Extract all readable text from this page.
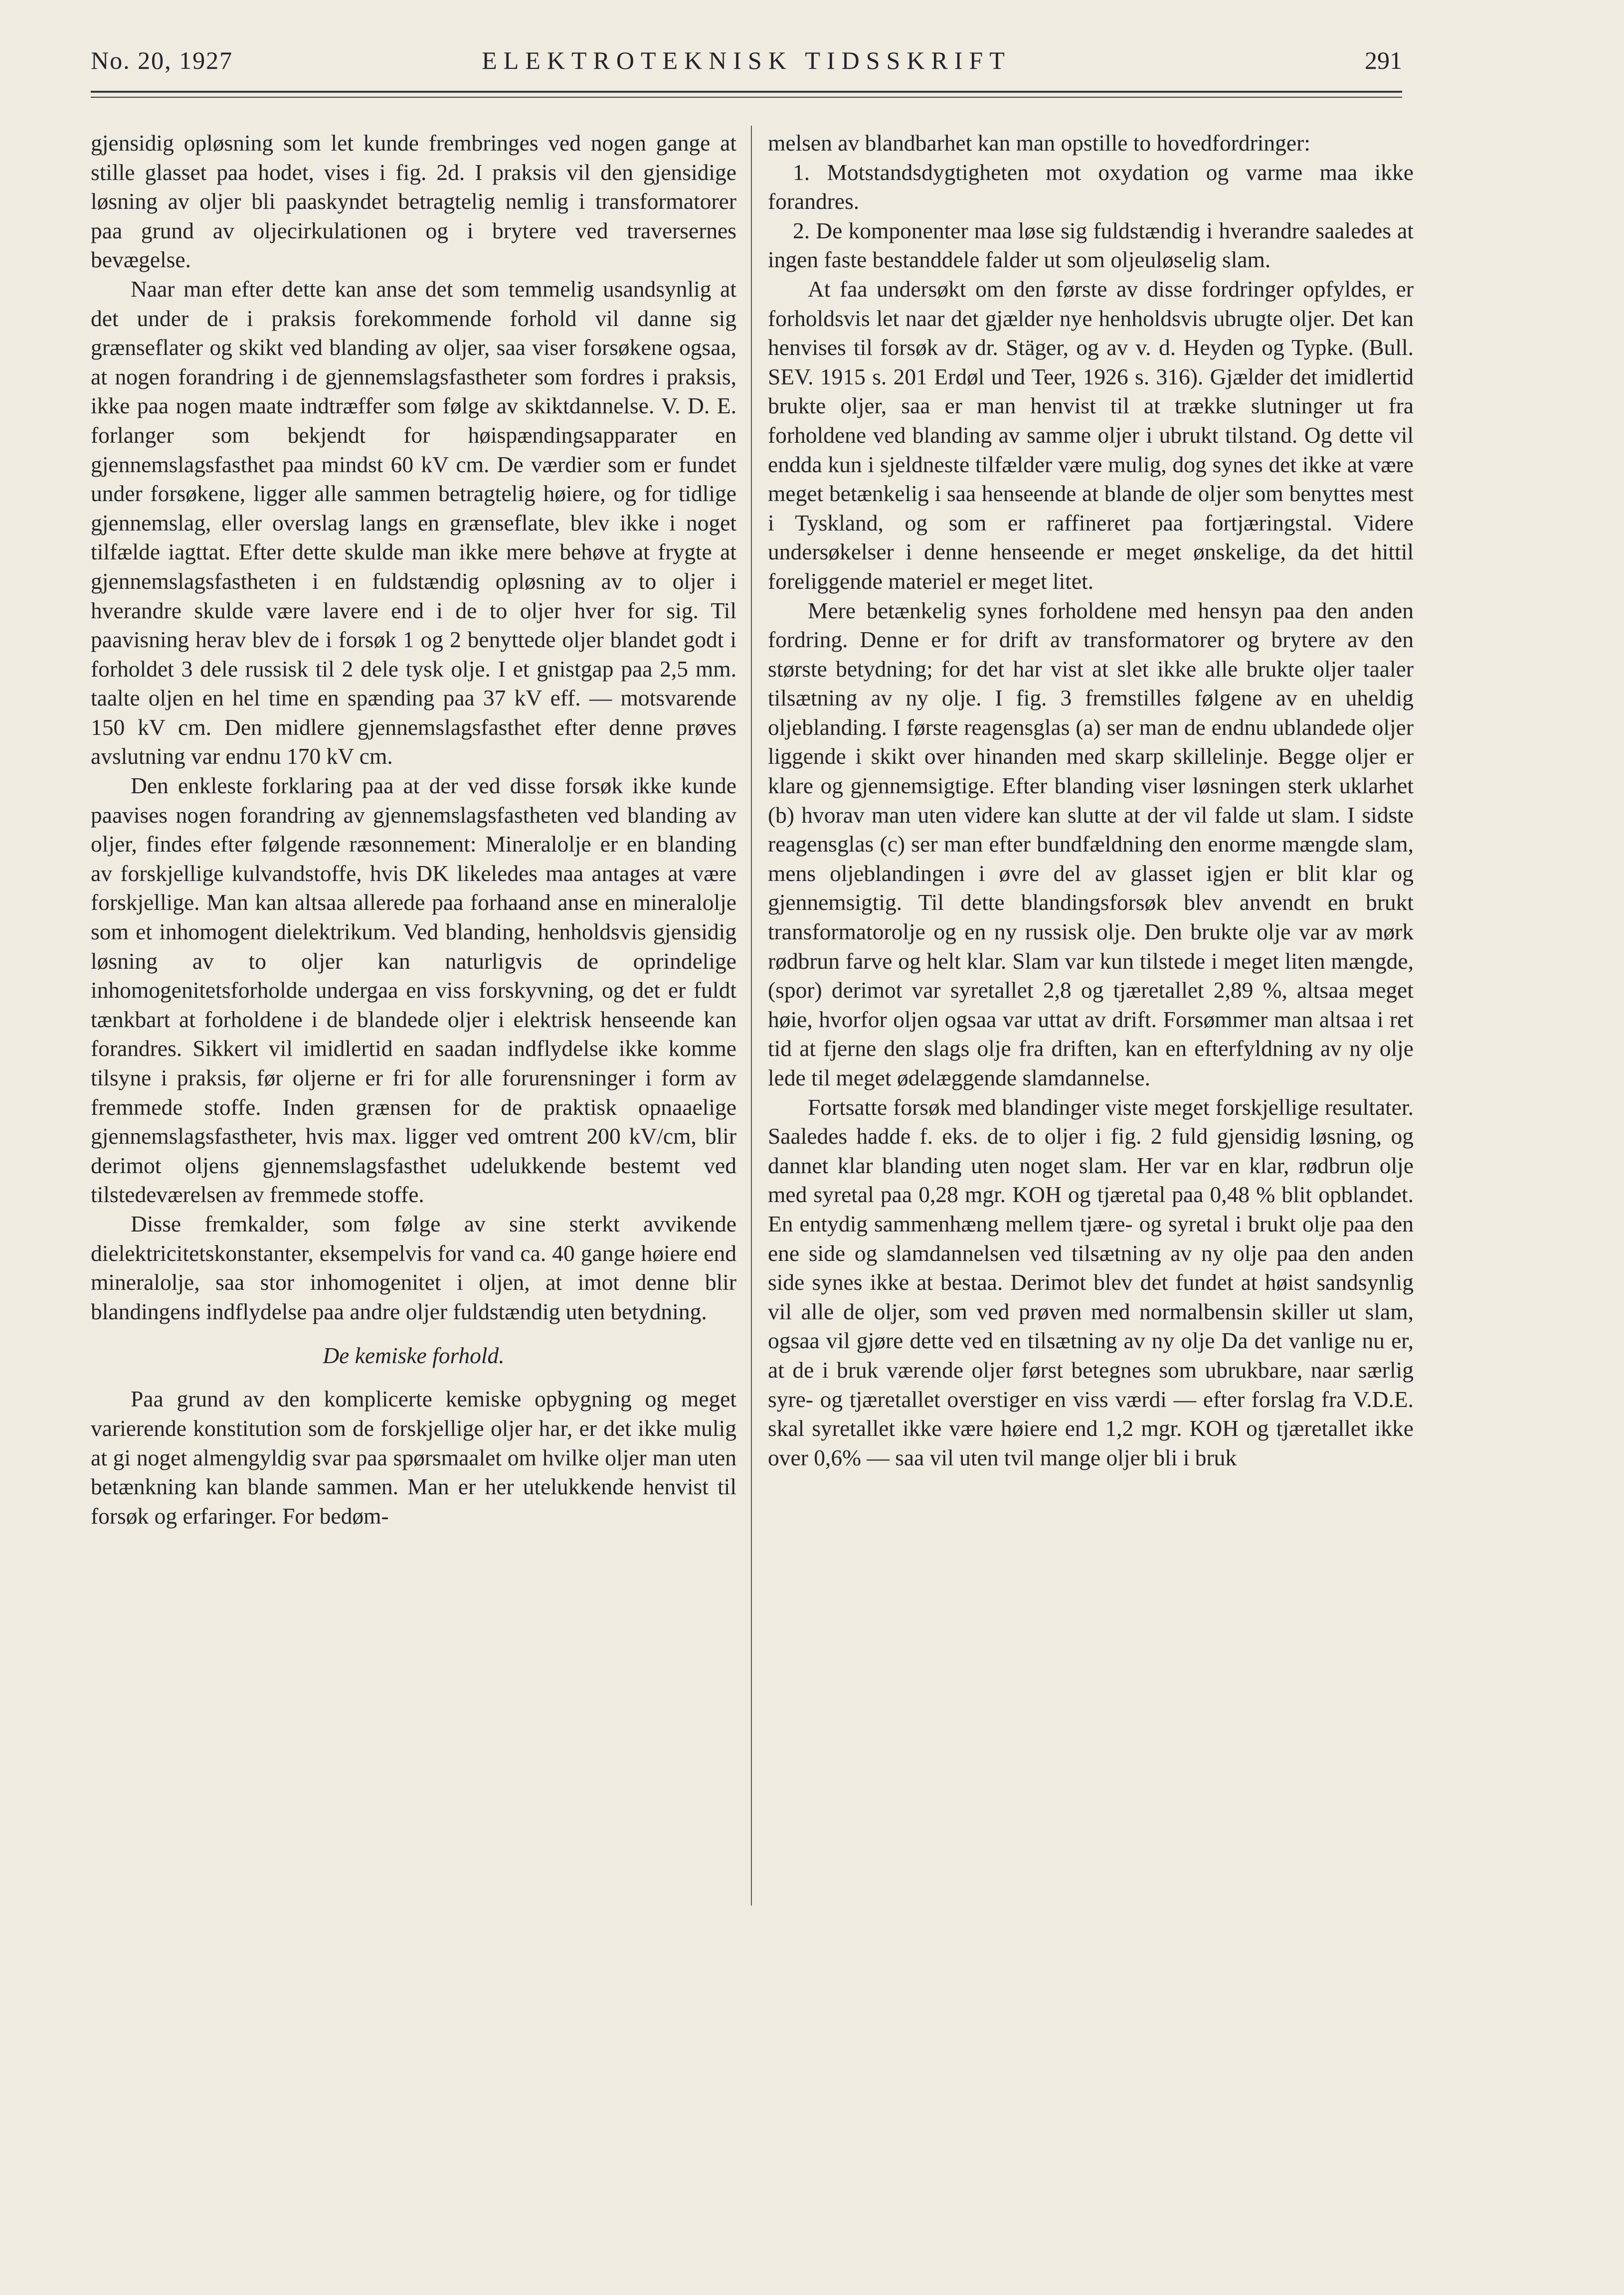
No. 20, 1927	ELEKTROTEKNISK TIDSSKRIFT	291

gjensidig opløsning som let kunde frembringes ved nogen gange at stille glasset paa hodet, vises i fig. 2d. I praksis vil den gjensidige løsning av oljer bli paaskyndet betragtelig nemlig i transformatorer paa grund av oljecirkulationen og i brytere ved traversernes bevægelse.

Naar man efter dette kan anse det som temmelig usandsynlig at det under de i praksis forekommende forhold vil danne sig grænseflater og skikt ved blanding av oljer, saa viser forsøkene ogsaa, at nogen forandring i de gjennemslagsfastheter som fordres i praksis, ikke paa nogen maate indtræffer som følge av skiktdannelse. V. D. E. forlanger som bekjendt for høispændingsapparater en gjennemslagsfasthet paa mindst 60 kV cm. De værdier som er fundet under forsøkene, ligger alle sammen betragtelig høiere, og for tidlige gjennemslag, eller overslag langs en grænseflate, blev ikke i noget tilfælde iagttat. Efter dette skulde man ikke mere behøve at frygte at gjennemslagsfastheten i en fuldstændig opløsning av to oljer i hverandre skulde være lavere end i de to oljer hver for sig. Til paavisning herav blev de i forsøk 1 og 2 benyttede oljer blandet godt i forholdet 3 dele russisk til 2 dele tysk olje. I et gnistgap paa 2,5 mm. taalte oljen en hel time en spænding paa 37 kV eff. — motsvarende 150 kV cm. Den midlere gjennemslagsfasthet efter denne prøves avslutning var endnu 170 kV cm.

Den enkleste forklaring paa at der ved disse forsøk ikke kunde paavises nogen forandring av gjennemslagsfastheten ved blanding av oljer, findes efter følgende ræsonnement: Mineralolje er en blanding av forskjellige kulvandstoffe, hvis DK likeledes maa antages at være forskjellige. Man kan altsaa allerede paa forhaand anse en mineralolje som et inhomogent dielektrikum. Ved blanding, henholdsvis gjensidig løsning av to oljer kan naturligvis de oprindelige inhomogenitetsforholde undergaa en viss forskyvning, og det er fuldt tænkbart at forholdene i de blandede oljer i elektrisk henseende kan forandres. Sikkert vil imidlertid en saadan indflydelse ikke komme tilsyne i praksis, før oljerne er fri for alle forurensninger i form av fremmede stoffe. Inden grænsen for de praktisk opnaaelige gjennemslagsfastheter, hvis max. ligger ved omtrent 200 kV/cm, blir derimot oljens gjennemslagsfasthet udelukkende bestemt ved tilstedeværelsen av fremmede stoffe.

Disse fremkalder, som følge av sine sterkt avvikende dielektricitetskonstanter, eksempelvis for vand ca. 40 gange høiere end mineralolje, saa stor inhomogenitet i oljen, at imot denne blir blandingens indflydelse paa andre oljer fuldstændig uten betydning.

De kemiske forhold.

Paa grund av den komplicerte kemiske opbygning og meget varierende konstitution som de forskjellige oljer har, er det ikke mulig at gi noget almengyldig svar paa spørsmaalet om hvilke oljer man uten betænkning kan blande sammen. Man er her utelukkende henvist til forsøk og erfaringer. For bedøm-

melsen av blandbarhet kan man opstille to hovedfordringer:

1. Motstandsdygtigheten mot oxydation og varme maa ikke forandres.

2. De komponenter maa løse sig fuldstændig i hverandre saaledes at ingen faste bestanddele falder ut som oljeuløselig slam.

At faa undersøkt om den første av disse fordringer opfyldes, er forholdsvis let naar det gjælder nye henholdsvis ubrugte oljer. Det kan henvises til forsøk av dr. Stäger, og av v. d. Heyden og Typke. (Bull. SEV. 1915 s. 201 Erdøl und Teer, 1926 s. 316). Gjælder det imidlertid brukte oljer, saa er man henvist til at trække slutninger ut fra forholdene ved blanding av samme oljer i ubrukt tilstand. Og dette vil endda kun i sjeldneste tilfælder være mulig, dog synes det ikke at være meget betænkelig i saa henseende at blande de oljer som benyttes mest i Tyskland, og som er raffineret paa fortjæringstal. Videre undersøkelser i denne henseende er meget ønskelige, da det hittil foreliggende materiel er meget litet.

Mere betænkelig synes forholdene med hensyn paa den anden fordring. Denne er for drift av transformatorer og brytere av den største betydning; for det har vist at slet ikke alle brukte oljer taaler tilsætning av ny olje. I fig. 3 fremstilles følgene av en uheldig oljeblanding. I første reagensglas (a) ser man de endnu ublandede oljer liggende i skikt over hinanden med skarp skillelinje. Begge oljer er klare og gjennemsigtige. Efter blanding viser løsningen sterk uklarhet (b) hvorav man uten videre kan slutte at der vil falde ut slam. I sidste reagensglas (c) ser man efter bundfældning den enorme mængde slam, mens oljeblandingen i øvre del av glasset igjen er blit klar og gjennemsigtig. Til dette blandingsforsøk blev anvendt en brukt transformatorolje og en ny russisk olje. Den brukte olje var av mørk rødbrun farve og helt klar. Slam var kun tilstede i meget liten mængde, (spor) derimot var syretallet 2,8 og tjæretallet 2,89 %, altsaa meget høie, hvorfor oljen ogsaa var uttat av drift. Forsømmer man altsaa i ret tid at fjerne den slags olje fra driften, kan en efterfyldning av ny olje lede til meget ødelæggende slamdannelse.

Fortsatte forsøk med blandinger viste meget forskjellige resultater. Saaledes hadde f. eks. de to oljer i fig. 2 fuld gjensidig løsning, og dannet klar blanding uten noget slam. Her var en klar, rødbrun olje med syretal paa 0,28 mgr. KOH og tjæretal paa 0,48 % blit opblandet. En entydig sammenhæng mellem tjære- og syretal i brukt olje paa den ene side og slamdannelsen ved tilsætning av ny olje paa den anden side synes ikke at bestaa. Derimot blev det fundet at høist sandsynlig vil alle de oljer, som ved prøven med normalbensin skiller ut slam, ogsaa vil gjøre dette ved en tilsætning av ny olje Da det vanlige nu er, at de i bruk værende oljer først betegnes som ubrukbare, naar særlig syre- og tjæretallet overstiger en viss værdi — efter forslag fra V.D.E. skal syretallet ikke være høiere end 1,2 mgr. KOH og tjæretallet ikke over 0,6% — saa vil uten tvil mange oljer bli i bruk
